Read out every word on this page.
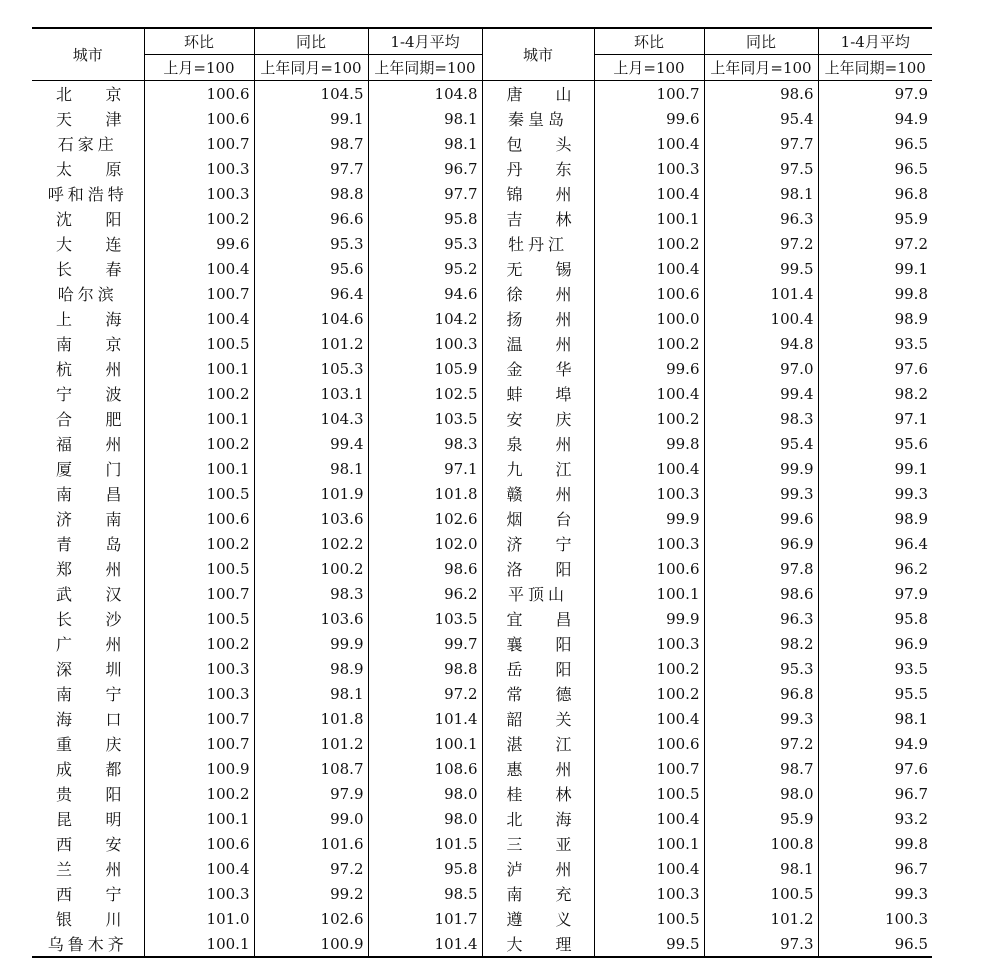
城市	环比	同比	1-4月平均	城市	环比	同比	1-4月平均
	上月=100	上年同月=100	上年同期=100		上月=100	上年同月=100	上年同期=100

北 京	100.6	104.5	104.8	唐 山	100.7	98.6	97.9

天 津	100.6	99.1	98.1	秦皇岛	99.6	95.4	94.9

石家庄	100.7	98.7	98.1	包 头	100.4	97.7	96.5

太 原	100.3	97.7	96.7	丹 东	100.3	97.5	96.5

呼和浩特	100.3	98.8	97.7	锦 州	100.4	98.1	96.8

沈 阳	100.2	96.6	95.8	吉 林	100.1	96.3	95.9

大 连	99.6	95.3	95.3	牡丹江	100.2	97.2	97.2

长 春	100.4	95.6	95.2	无 锡	100.4	99.5	99.1

哈尔滨	100.7	96.4	94.6	徐 州	100.6	101.4	99.8

上 海	100.4	104.6	104.2	扬 州	100.0	100.4	98.9

南 京	100.5	101.2	100.3	温 州	100.2	94.8	93.5

杭 州	100.1	105.3	105.9	金 华	99.6	97.0	97.6

宁 波	100.2	103.1	102.5	蚌 埠	100.4	99.4	98.2

合 肥	100.1	104.3	103.5	安 庆	100.2	98.3	97.1

福 州	100.2	99.4	98.3	泉 州	99.8	95.4	95.6

厦 门	100.1	98.1	97.1	九 江	100.4	99.9	99.1

南 昌	100.5	101.9	101.8	赣 州	100.3	99.3	99.3

济 南	100.6	103.6	102.6	烟 台	99.9	99.6	98.9

青 岛	100.2	102.2	102.0	济 宁	100.3	96.9	96.4

郑 州	100.5	100.2	98.6	洛 阳	100.6	97.8	96.2

武 汉	100.7	98.3	96.2	平顶山	100.1	98.6	97.9

长 沙	100.5	103.6	103.5	宜 昌	99.9	96.3	95.8

广 州	100.2	99.9	99.7	襄 阳	100.3	98.2	96.9

深 圳	100.3	98.9	98.8	岳 阳	100.2	95.3	93.5

南 宁	100.3	98.1	97.2	常 德	100.2	96.8	95.5

海 口	100.7	101.8	101.4	韶 关	100.4	99.3	98.1

重 庆	100.7	101.2	100.1	湛 江	100.6	97.2	94.9

成 都	100.9	108.7	108.6	惠 州	100.7	98.7	97.6

贵 阳	100.2	97.9	98.0	桂 林	100.5	98.0	96.7

昆 明	100.1	99.0	98.0	北 海	100.4	95.9	93.2

西 安	100.6	101.6	101.5	三 亚	100.1	100.8	99.8

兰 州	100.4	97.2	95.8	泸 州	100.4	98.1	96.7

西 宁	100.3	99.2	98.5	南 充	100.3	100.5	99.3

银 川	101.0	102.6	101.7	遵 义	100.5	101.2	100.3

乌鲁木齐	100.1	100.9	101.4	大 理	99.5	97.3	96.5
